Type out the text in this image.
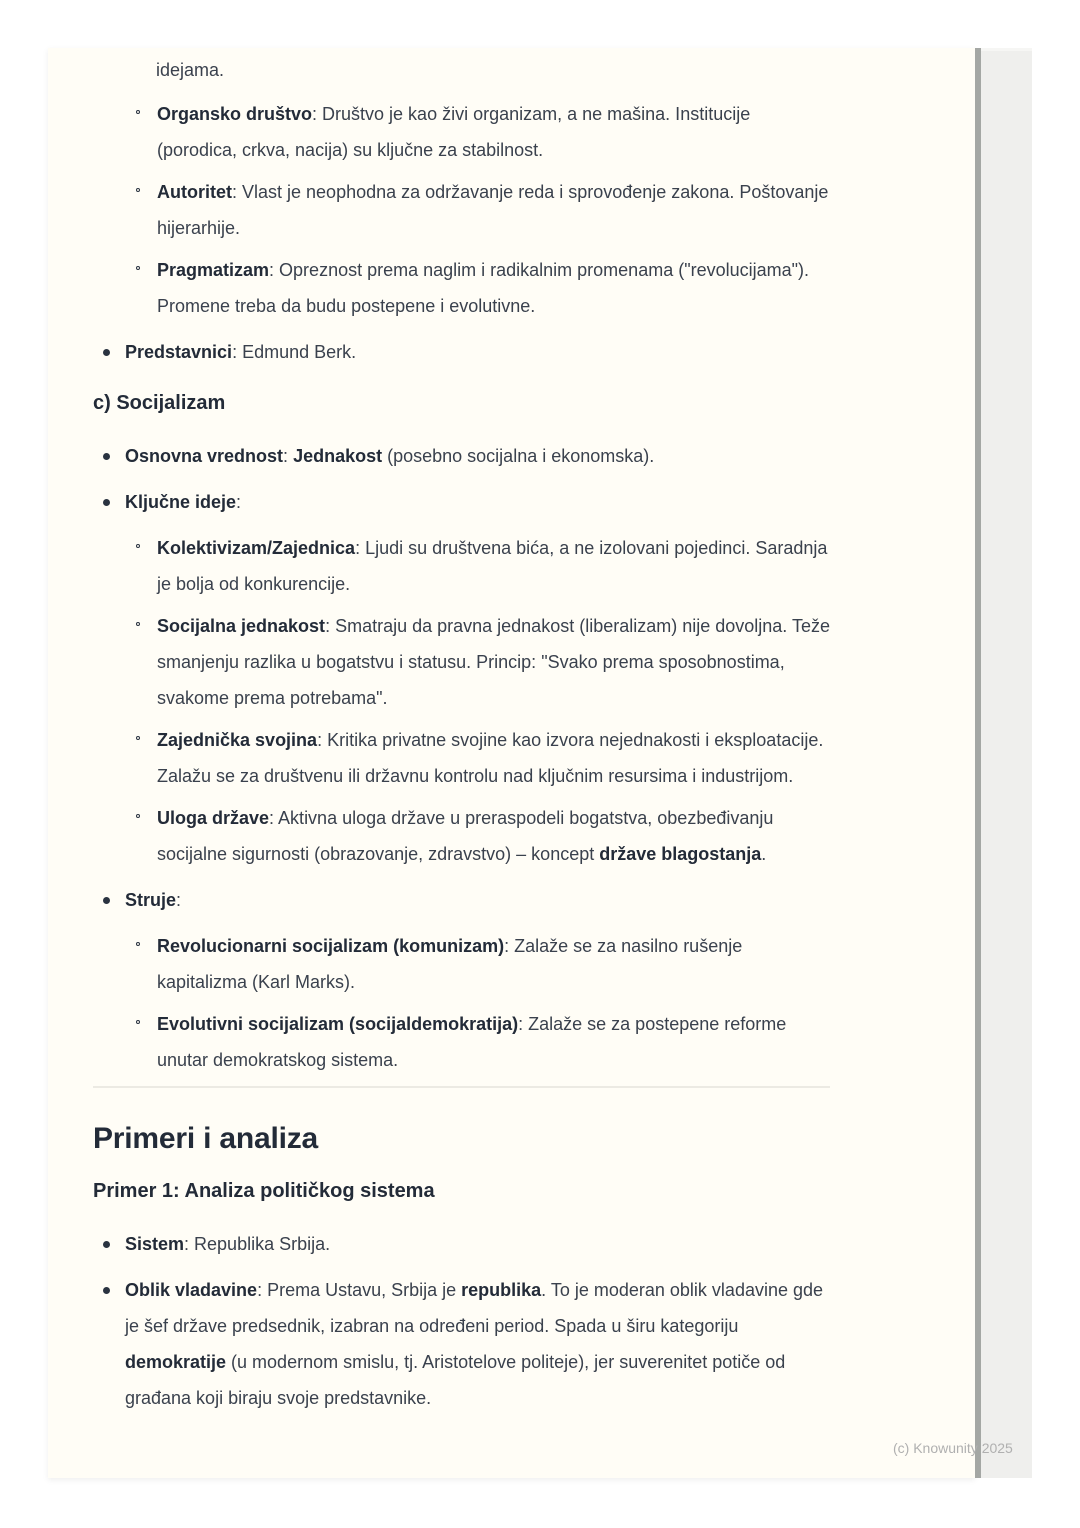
idejama.
Organsko društvo: Društvo je kao živi organizam, a ne mašina. Institucije (porodica, crkva, nacija) su ključne za stabilnost.
Autoritet: Vlast je neophodna za održavanje reda i sprovođenje zakona. Poštovanje hijerarhije.
Pragmatizam: Opreznost prema naglim i radikalnim promenama ("revolucijama"). Promene treba da budu postepene i evolutivne.
Predstavnici: Edmund Berk.
c) Socijalizam
Osnovna vrednost: Jednakost (posebno socijalna i ekonomska).
Ključne ideje:
Kolektivizam/Zajednica: Ljudi su društvena bića, a ne izolovani pojedinci. Saradnja je bolja od konkurencije.
Socijalna jednakost: Smatraju da pravna jednakost (liberalizam) nije dovoljna. Teže smanjenju razlika u bogatstvu i statusu. Princip: "Svako prema sposobnostima, svakome prema potrebama".
Zajednička svojina: Kritika privatne svojine kao izvora nejednakosti i eksploatacije. Zalažu se za društvenu ili državnu kontrolu nad ključnim resursima i industrijom.
Uloga države: Aktivna uloga države u preraspodeli bogatstva, obezbeđivanju socijalne sigurnosti (obrazovanje, zdravstvo) – koncept države blagostanja.
Struje:
Revolucionarni socijalizam (komunizam): Zalaže se za nasilno rušenje kapitalizma (Karl Marks).
Evolutivni socijalizam (socijaldemokratija): Zalaže se za postepene reforme unutar demokratskog sistema.
Primeri i analiza
Primer 1: Analiza političkog sistema
Sistem: Republika Srbija.
Oblik vladavine: Prema Ustavu, Srbija je republika. To je moderan oblik vladavine gde je šef države predsednik, izabran na određeni period. Spada u širu kategoriju demokratije (u modernom smislu, tj. Aristotelove politeje), jer suverenitet potiče od građana koji biraju svoje predstavnike.
(c) Knowunity 2025
